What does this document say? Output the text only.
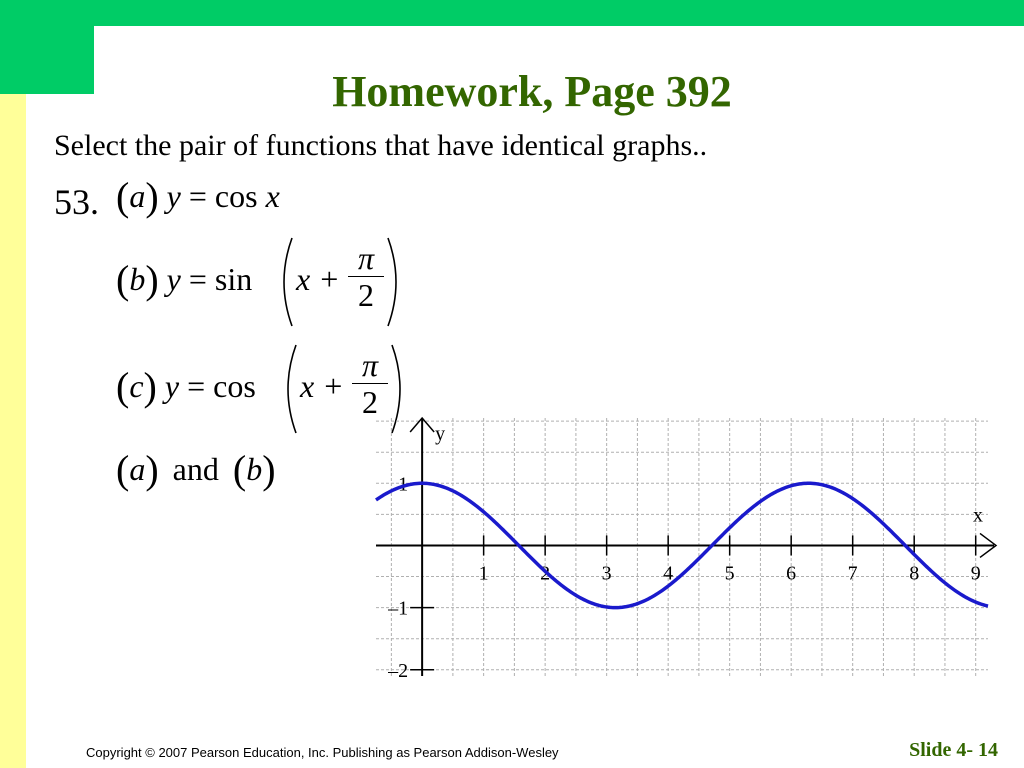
Homework, Page 392
Select the pair of functions that have identical graphs..
53. (a) y = cos x
(b) y = sin x +
π
2
(c) y = cos x +
π
2
(a) and (b)
1	2	3	4	5	6	7	8	9
1
–1
–2
x
y
Copyright © 2007 Pearson Education, Inc. Publishing as Pearson Addison-Wesley	Slide 4- 14
